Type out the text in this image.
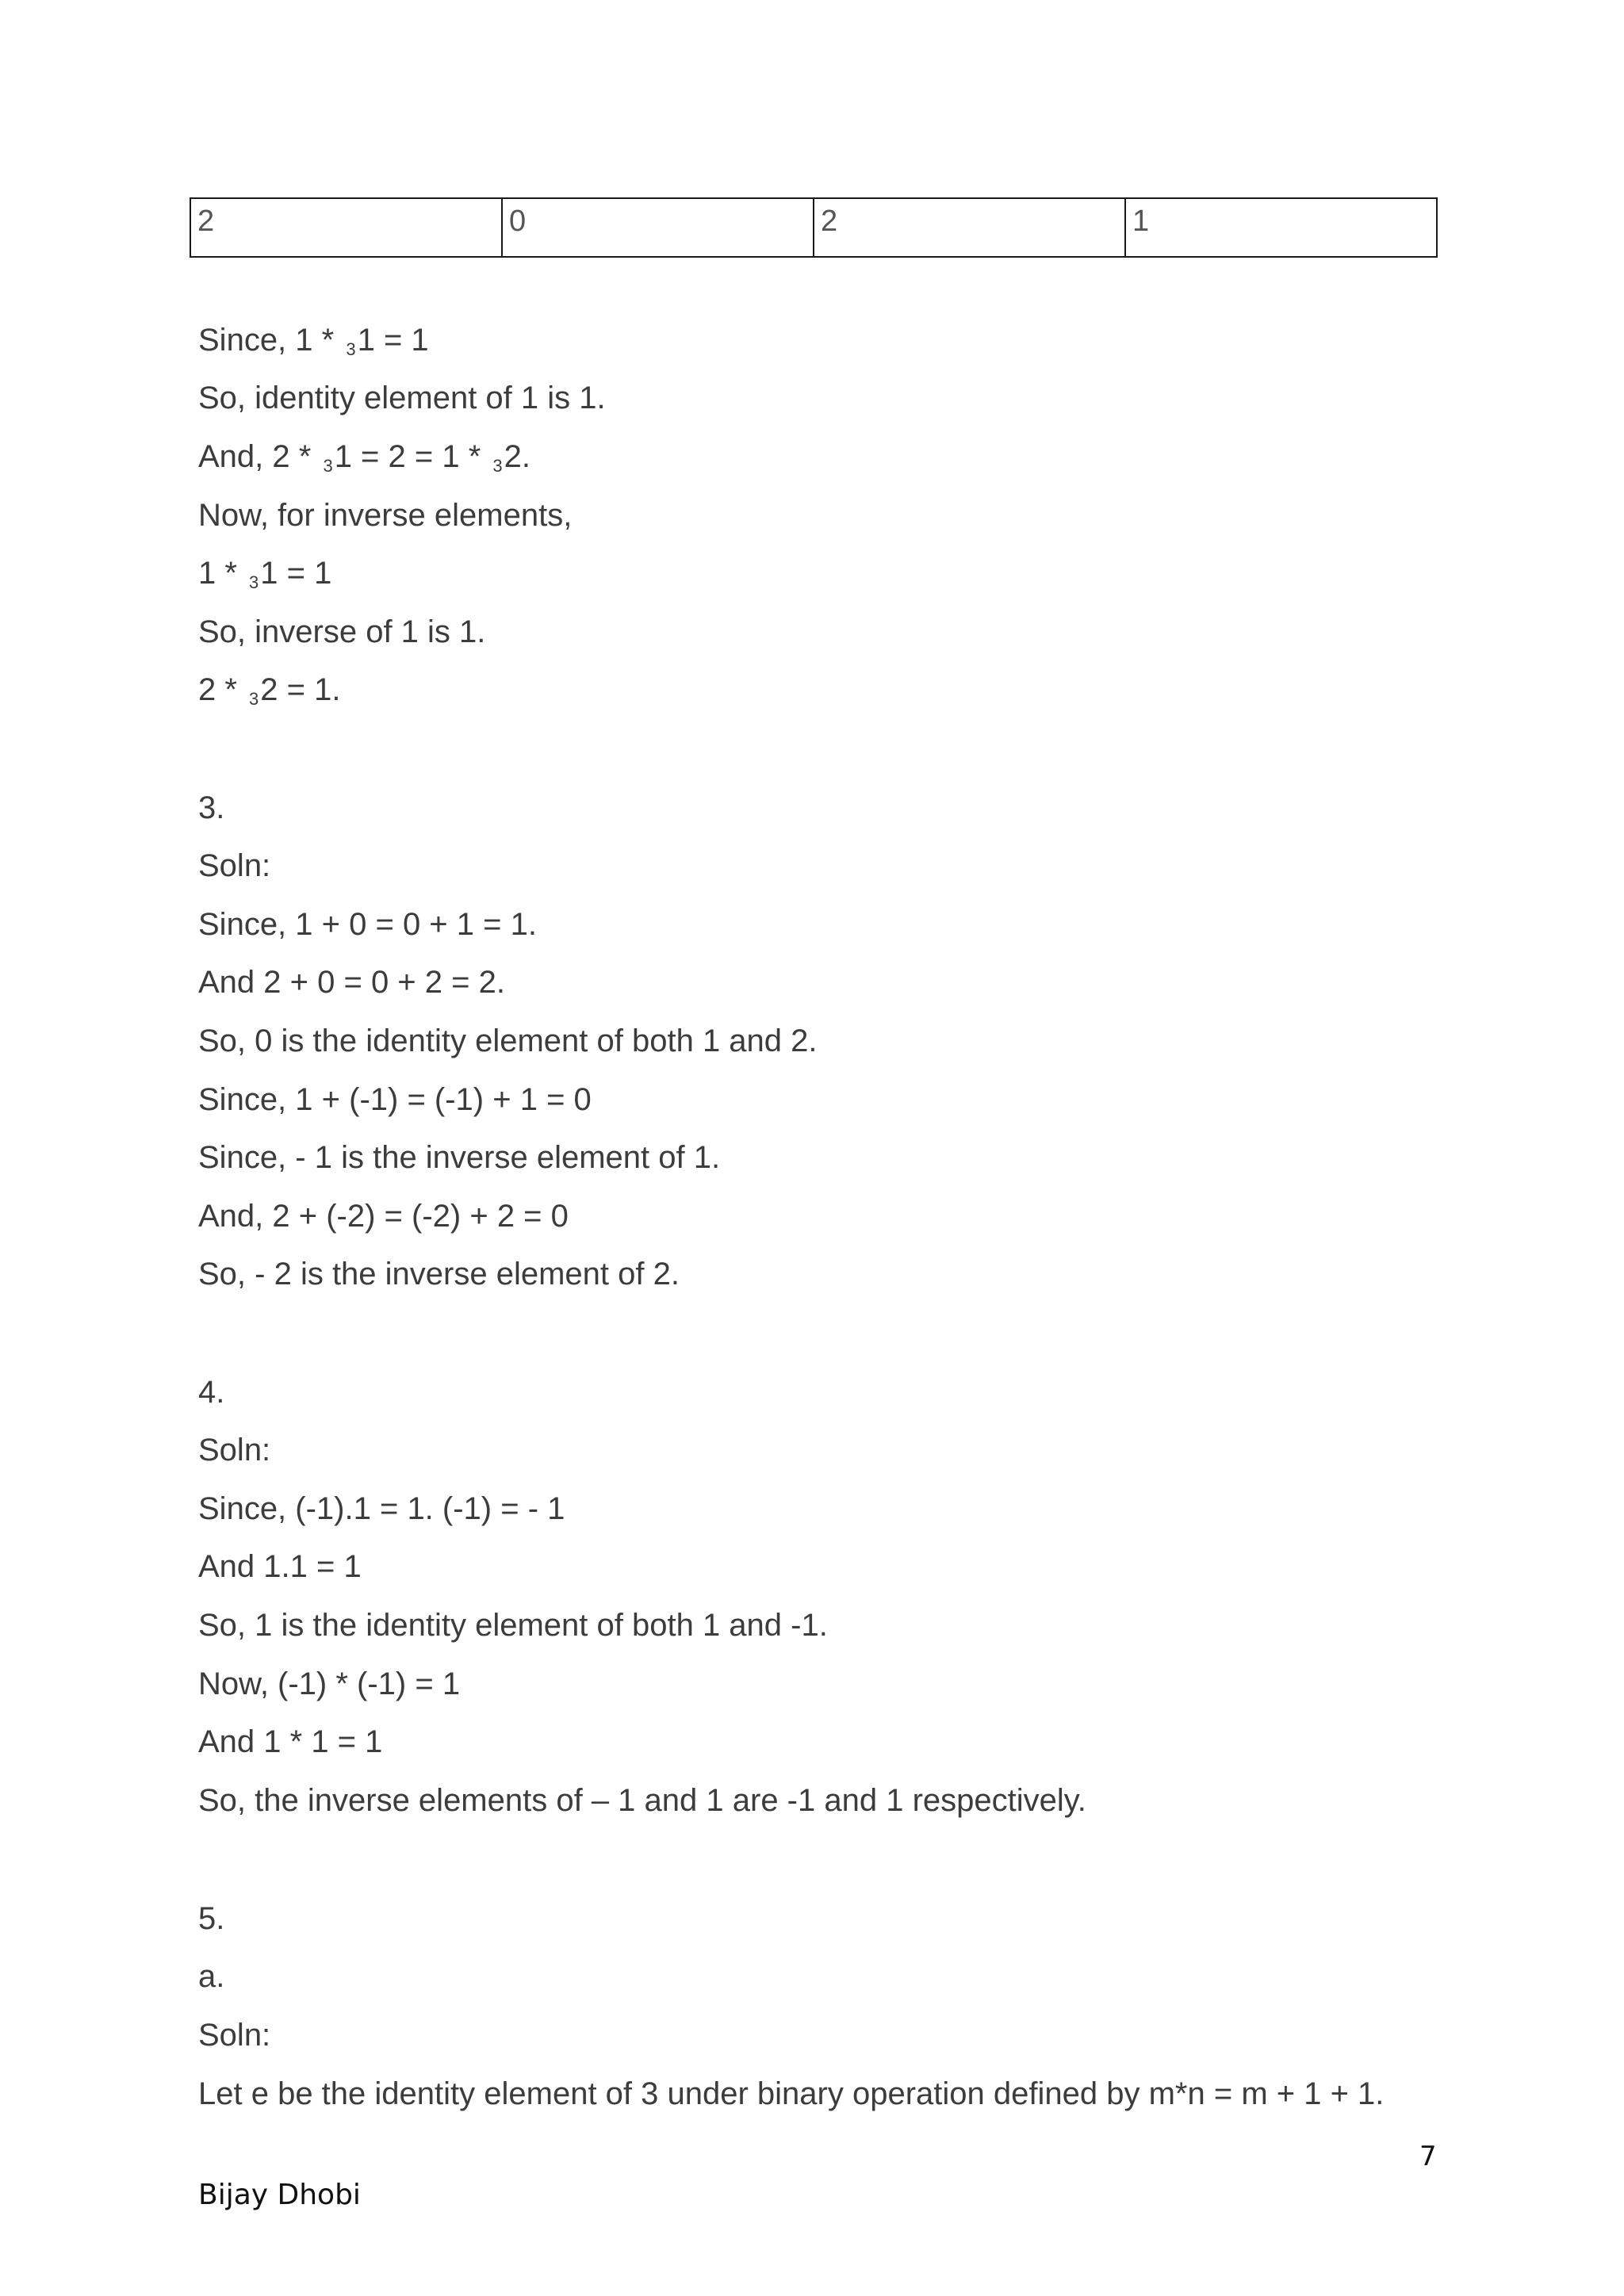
2	0	2	1
Since, 1 * $_3$1 = 1
So, identity element of 1 is 1.
And, 2 * $_3$1 = 2 = 1 * $_3$2.
Now, for inverse elements,
1 * $_3$1 = 1
So, inverse of 1 is 1.
2 * $_3$2 = 1.
3.
Soln:
Since, 1 + 0 = 0 + 1 = 1.
And 2 + 0 = 0 + 2 = 2.
So, 0 is the identity element of both 1 and 2.
Since, 1 + (-1) = (-1) + 1 = 0
Since, - 1 is the inverse element of 1.
And, 2 + (-2) = (-2) + 2 = 0
So, - 2 is the inverse element of 2.
4.
Soln:
Since, (-1).1 = 1. (-1) = - 1
And 1.1 = 1
So, 1 is the identity element of both 1 and -1.
Now, (-1) * (-1) = 1
And 1 * 1 = 1
So, the inverse elements of – 1 and 1 are -1 and 1 respectively.
5.
a.
Soln:
Let e be the identity element of 3 under binary operation defined by m*n = m + 1 + 1.
7
Bijay Dhobi
